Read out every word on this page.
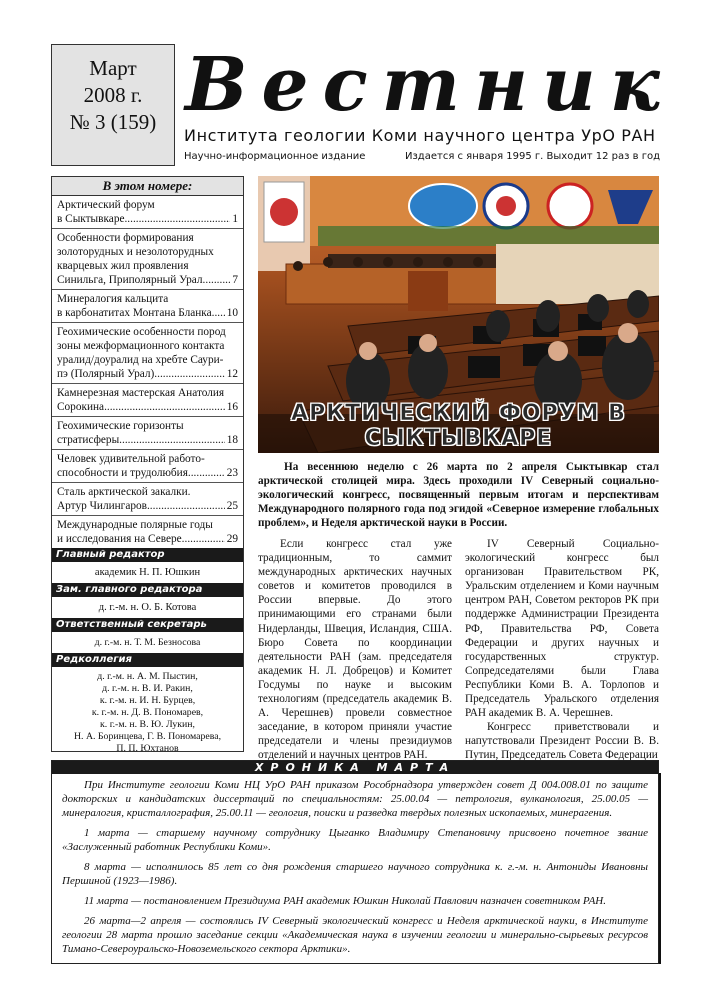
Март
2008 г.
№ 3 (159) Вестник
Института геологии Коми научного центра УрО РАН
Научно-информационное издание	Издается с января 1995 г. Выходит 12 раз в год
В этом номере:
Арктический форум
в Сыктывкаре .....	1
Особенности формирования
золоторудных и незолоторудных
кварцевых жил проявления
Синильга, Приполярный Урал .....	7
Минералогия кальцита
в карбонатитах Монтана Бланка ..... 10
Геохимические особенности пород
зоны межформационного контакта
уралид/доуралид на хребте Саури-
пэ (Полярный Урал) .....	12
Камнерезная мастерская Анатолия
Сорокина .....	16
Геохимические горизонты
стратисферы .....	18
Человек удивительной работо-
способности и трудолюбия .....	23
Сталь арктической закалки.
Артур Чилингаров .....	25
Международные полярные годы
и исследования на Севере .....	29
Главный редактор
академик Н. П. Юшкин
Зам. главного редактора
д. г.-м. н. О. Б. Котова
Ответственный секретарь
д. г.-м. н. Т. М. Безносова
Редколлегия
д. г.-м. н. А. М. Пыстин,
д. г.-м. н. В. И. Ракин,
к. г.-м. н. И. Н. Бурцев,
к. г.-м. н. Д. В. Пономарев,
к. г.-м. н. В. Ю. Лукин,
Н. А. Боринцева, Г. В. Пономарева,
П. П. Юхтанов
АРКТИЧЕСКИЙ ФОРУМ В СЫКТЫВКАРЕ

На весеннюю неделю с 26 марта по 2 апреля Сыктывкар стал арктической столицей мира. Здесь проходили IV Северный социально-экологический конгресс, посвященный первым итогам и перспективам Международного полярного года под эгидой «Северное измерение глобальных проблем», и Неделя арктической науки в России.

Если конгресс стал уже традиционным, то саммит международных арктических научных советов и комитетов проводился в России впервые. До этого принимающими его странами были Нидерланды, Швеция, Исландия, США. Бюро Совета по координации деятельности РАН (зам. председателя академик Н. Л. Добрецов) и Комитет Госдумы по науке и высоким технологиям (председатель академик В. А. Черешнев) провели совместное заседание, в котором приняли участие председатели и члены президиумов отделений и научных центров РАН.

IV Северный Социально-экологический конгресс был организован Правительством РК, Уральским отделением и Коми научным центром РАН, Советом ректоров РК при поддержке Администрации Президента РФ, Правительства РФ, Совета Федерации и других научных и государственных структур. Сопредседателями были Глава Республики Коми В. А. Торлопов и Председатель Уральского отделения РАН академик В. А. Черешнев.

Конгресс приветствовали и напутствовали Президент России В. В. Путин, Председатель Совета Федерации

ХРОНИКА МАРТА

При Институте геологии Коми НЦ УрО РАН приказом Рособрнадзора утвержден совет Д 004.008.01 по защите докторских и кандидатских диссертаций по специальностям: 25.00.04 — петрология, вулканология, 25.00.05 — минералогия, кристаллография, 25.00.11 — геология, поиски и разведка твердых полезных ископаемых, минерагения.

1 марта — старшему научному сотруднику Цыганко Владимиру Степановичу присвоено почетное звание «Заслуженный работник Республики Коми».

8 марта — исполнилось 85 лет со дня рождения старшего научного сотрудника к. г.-м. н. Антониды Ивановны Першиной (1923—1986).

11 марта — постановлением Президиума РАН академик Юшкин Николай Павлович назначен советником РАН.

26 марта—2 апреля — состоялись IV Северный экологический конгресс и Неделя арктической науки, в Институте геологии 28 марта прошло заседание секции «Академическая наука в изучении геологии и минерально-сырьевых ресурсов Тимано-Североуральско-Новоземельского сектора Арктики».
